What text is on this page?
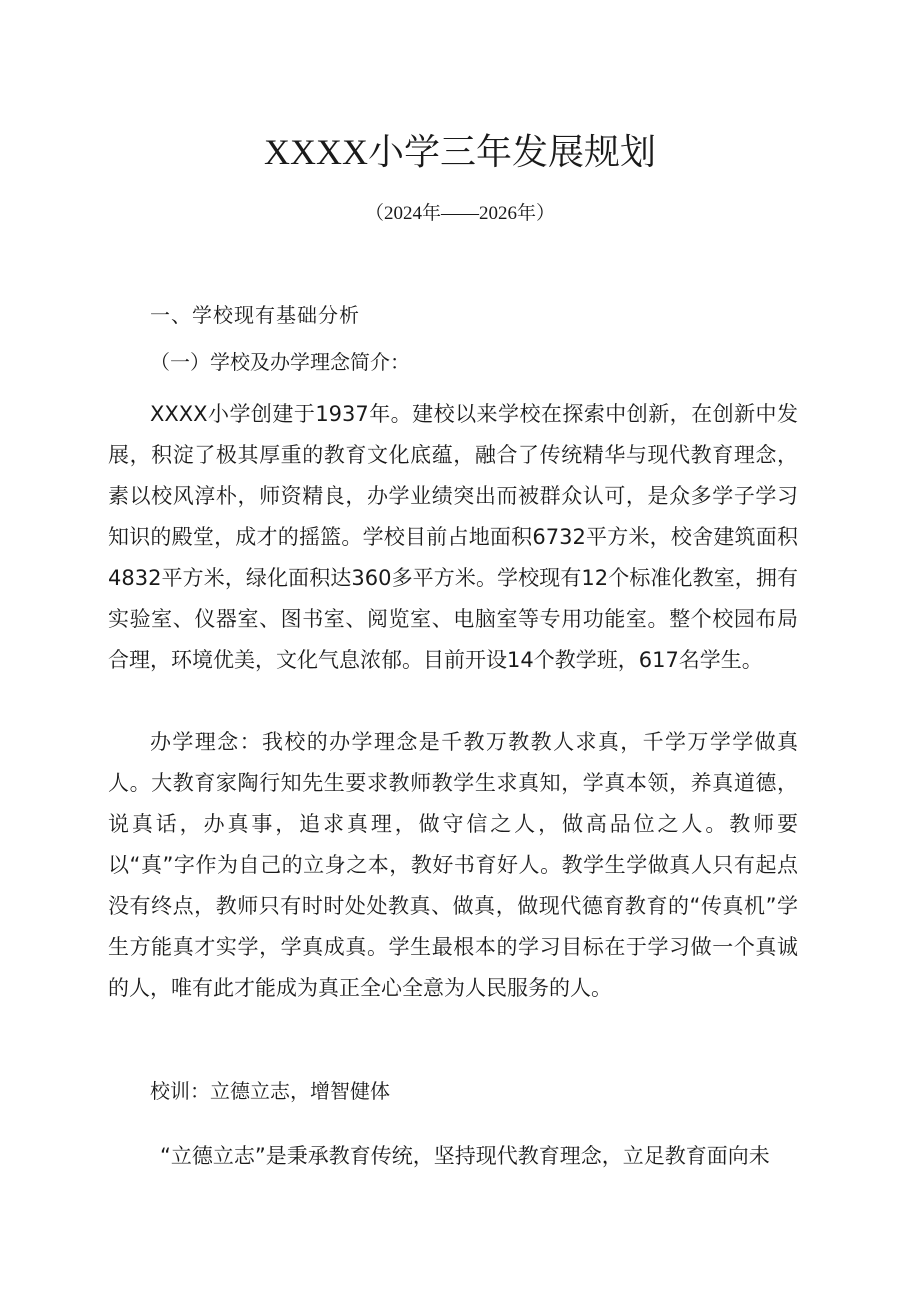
XXXX小学三年发展规划
（2024年——2026年）
一、学校现有基础分析
（一）学校及办学理念简介：
XXXX小学创建于1937年。建校以来学校在探索中创新，在创新中发展，积淀了极其厚重的教育文化底蕴，融合了传统精华与现代教育理念，素以校风淳朴，师资精良，办学业绩突出而被群众认可，是众多学子学习知识的殿堂，成才的摇篮。学校目前占地面积6732平方米，校舍建筑面积4832平方米，绿化面积达360多平方米。学校现有12个标准化教室，拥有实验室、仪器室、图书室、阅览室、电脑室等专用功能室。整个校园布局合理，环境优美，文化气息浓郁。目前开设14个教学班，617名学生。
办学理念：我校的办学理念是千教万教教人求真，千学万学学做真人。大教育家陶行知先生要求教师教学生求真知，学真本领，养真道德，说真话，办真事，追求真理，做守信之人，做高品位之人。教师要以“真”字作为自己的立身之本，教好书育好人。教学生学做真人只有起点没有终点，教师只有时时处处教真、做真，做现代德育教育的“传真机”学生方能真才实学，学真成真。学生最根本的学习目标在于学习做一个真诚的人，唯有此才能成为真正全心全意为人民服务的人。
校训：立德立志，增智健体
“立德立志”是秉承教育传统，坚持现代教育理念，立足教育面向未
